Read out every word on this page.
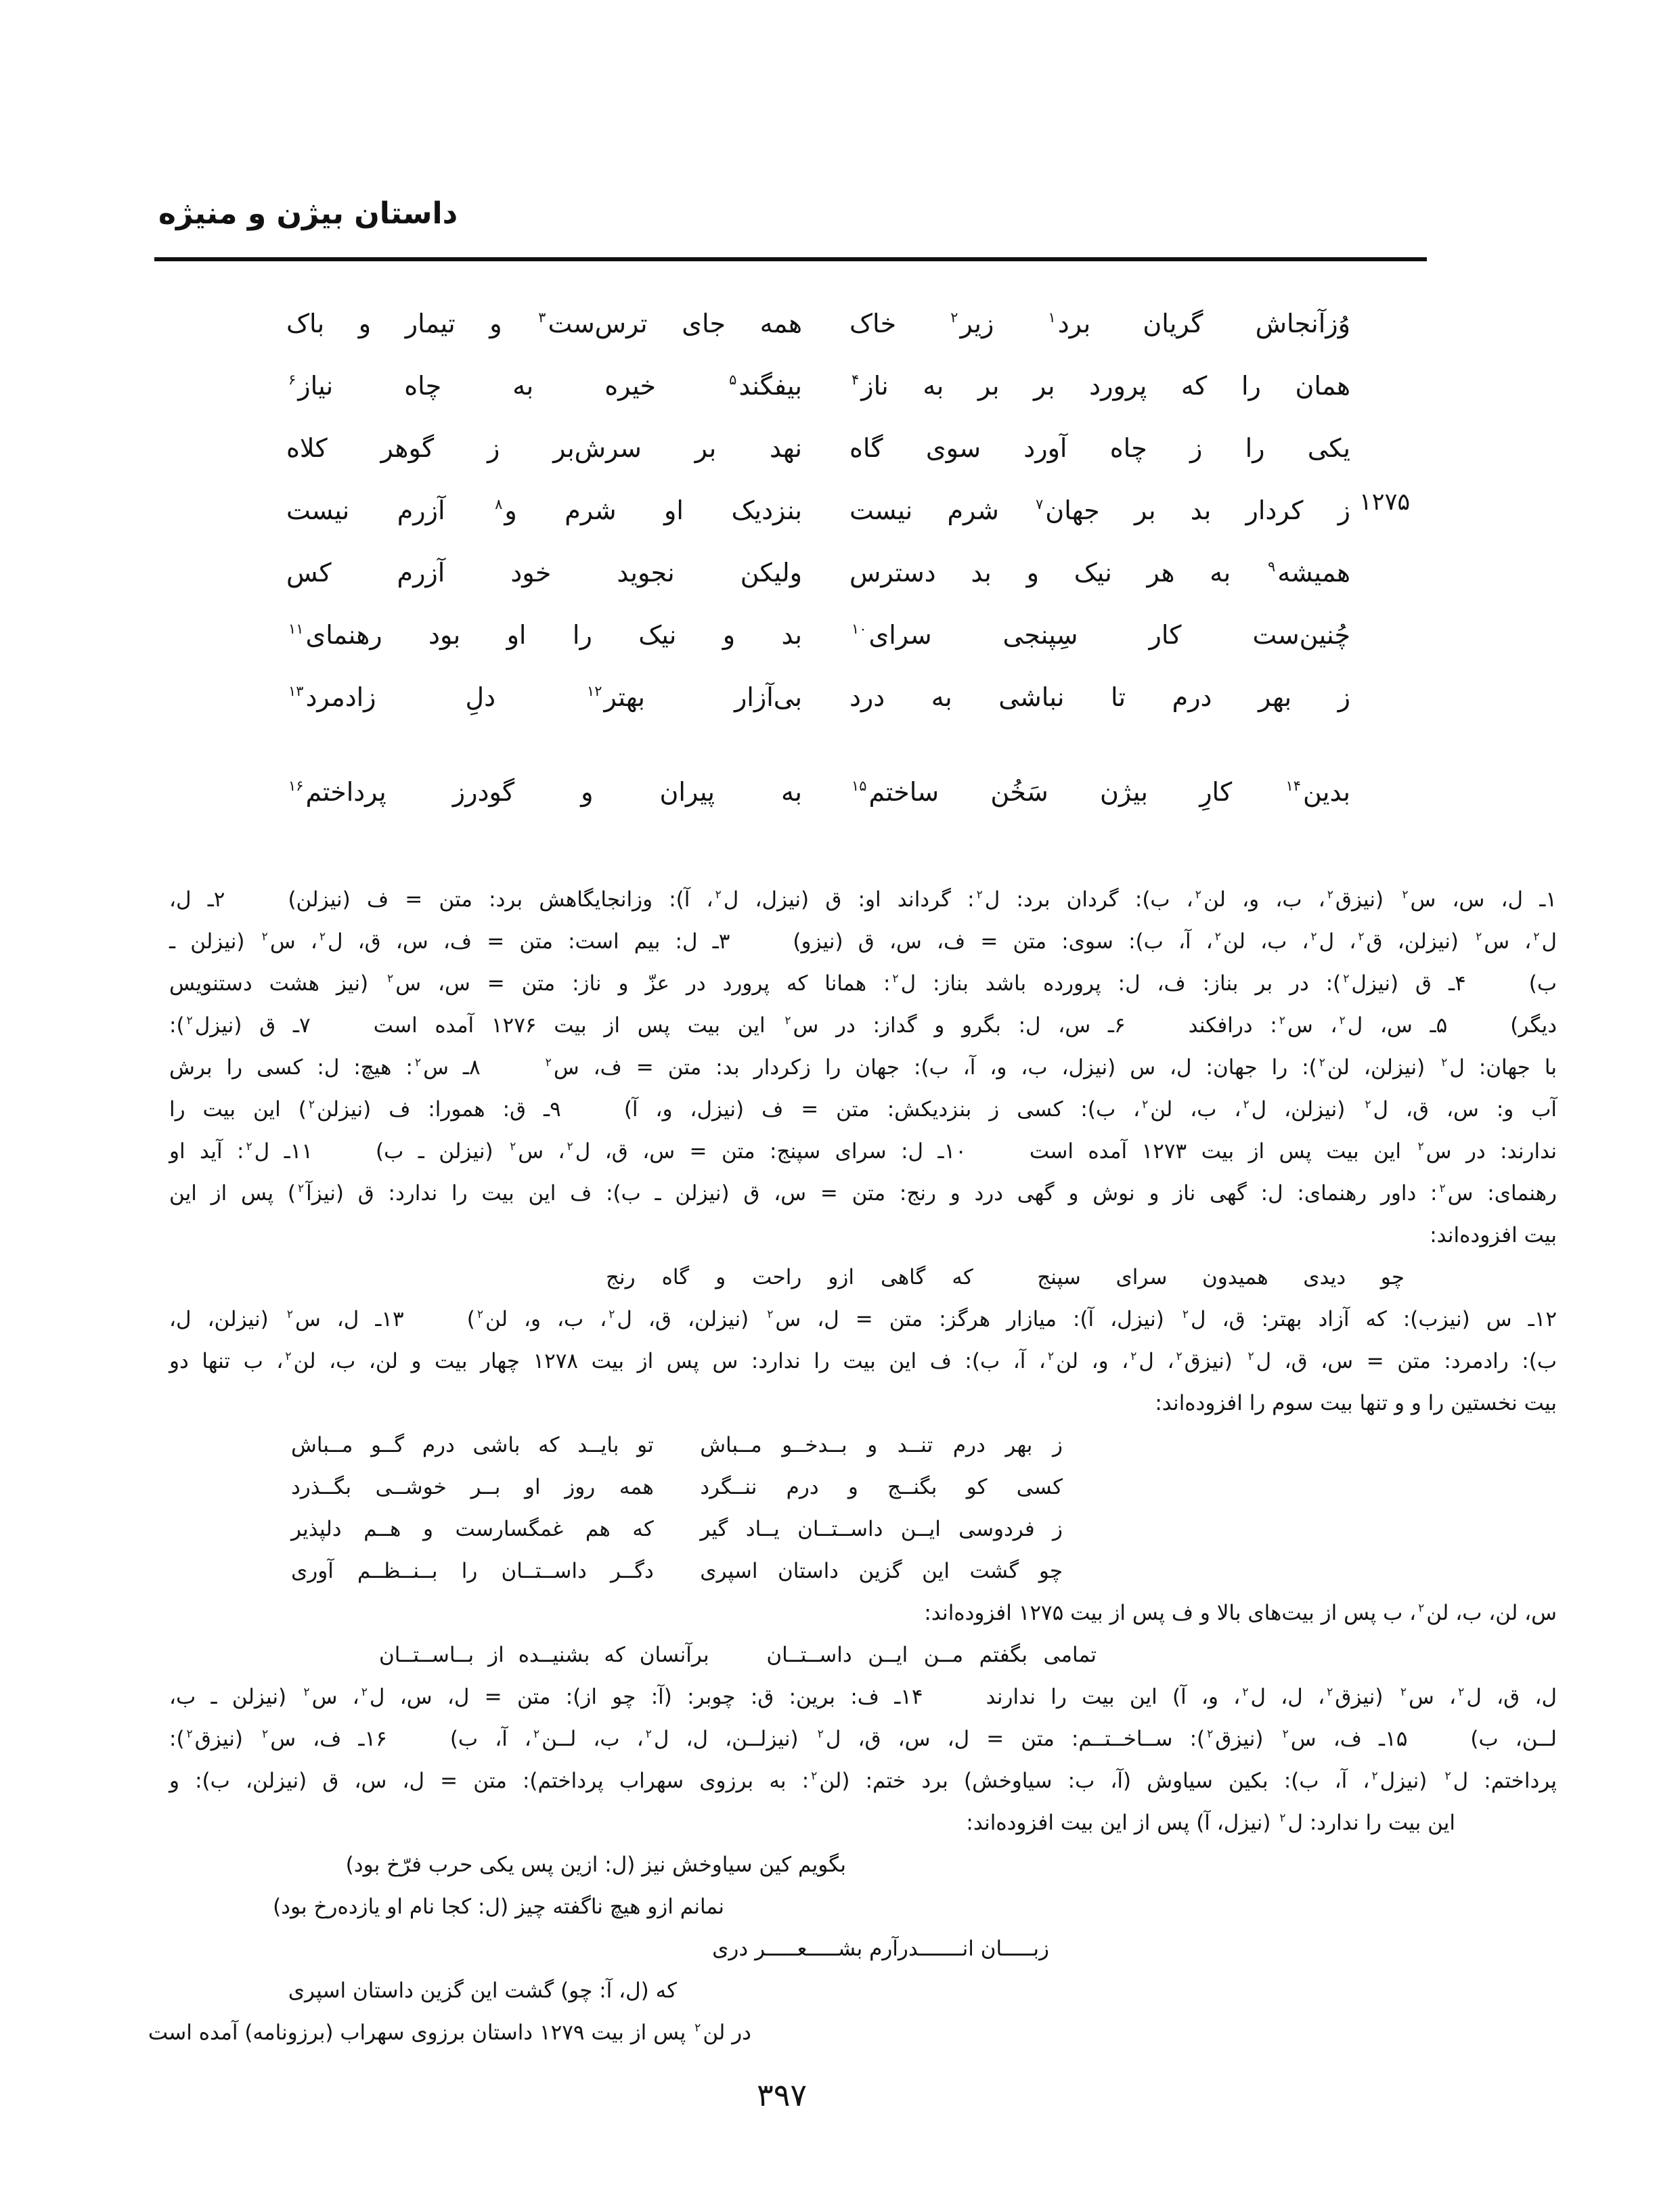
داستان بیژن و منیژه
۱۲۷۵
وُزآنجاش گریان برد$^۱$ زیر$^۲$ خاک
همه جای ترس‌ست$^۳$ و تیمار و باک
همان را که پرورد بر بر به ناز$^۴$
بیفگند$^۵$ خیره به چاه نیاز$^۶$
یکی را ز چاه آورد سوی گاه
نهد بر سرش‌بر ز گوهر کلاه
ز کردار بد بر جهان$^۷$ شرم نیست
بنزدیک او شرم و$^۸$ آزرم نیست
همیشه$^۹$ به هر نیک و بد دسترس
ولیکن نجوید خود آزرم کس
چُنین‌ست کار سِپنجی سرای$^{۱۰}$
بد و نیک را او بود رهنمای$^{۱۱}$
ز بهر درم تا نباشی به درد
بی‌آزار بهتر$^{۱۲}$ دلِ زادمرد$^{۱۳}$
بدین$^{۱۴}$ کارِ بیژن سَخُن ساختم$^{۱۵}$
به پیران و گودرز پرداختم$^{۱۶}$
۱ـ ل، س، س$^۲$ (نیزق$^۲$، ب، و، لن$^۲$، ب): گردان برد: ل$^۲$: گرداند او: ق (نیزل، ل$^۲$، آ): وزانجایگاهش برد: متن = ف (نیزلن)   ۲ـ ل،
ل$^۲$، س$^۲$ (نیزلن، ق$^۲$، ل$^۲$، ب، لن$^۲$، آ، ب): سوی: متن = ف، س، ق (نیزو)   ۳ـ ل: بیم است: متن = ف، س، ق، ل$^۲$، س$^۲$ (نیزلن ـ
ب)   ۴ـ ق (نیزل$^۲$): در بر بناز: ف، ل: پرورده باشد بناز: ل$^۲$: همانا که پرورد در عزّ و ناز: متن = س، س$^۲$ (نیز هشت دستنویس
دیگر)   ۵ـ س، ل$^۲$، س$^۲$: درافکند   ۶ـ س، ل: بگرو و گداز: در س$^۲$ این بیت پس از بیت ۱۲۷۶ آمده است   ۷ـ ق (نیزل$^۲$):
با جهان: ل$^۲$ (نیزلن، لن$^۲$): را جهان: ل، س (نیزل، ب، و، آ، ب): جهان را زکردار بد: متن = ف، س$^۲$   ۸ـ س$^۲$: هیچ: ل: کسی را برش
آب و: س، ق، ل$^۲$ (نیزلن، ل$^۲$، ب، لن$^۲$، ب): کسی ز بنزدیکش: متن = ف (نیزل، و، آ)   ۹ـ ق: همورا: ف (نیزلن$^۲$) این بیت را
ندارند: در س$^۲$ این بیت پس از بیت ۱۲۷۳ آمده است   ۱۰ـ ل: سرای سپنج: متن = س، ق، ل$^۲$، س$^۲$ (نیزلن ـ ب)   ۱۱ـ ل$^۲$: آید او
رهنمای: س$^۲$: داور رهنمای: ل: گهی ناز و نوش و گهی درد و رنج: متن = س، ق (نیزلن ـ ب): ف این بیت را ندارد: ق (نیزآ$^۲$) پس از این
بیت افزوده‌اند:
چو دیدی همیدون سرای سپنج
که گاهی ازو راحت و گاه رنج
۱۲ـ س (نیزب): که آزاد بهتر: ق، ل$^۲$ (نیزل، آ): میازار هرگز: متن = ل، س$^۲$ (نیزلن، ق، ل$^۲$، ب، و، لن$^۲$)   ۱۳ـ ل، س$^۲$ (نیزلن، ل،
ب): رادمرد: متن = س، ق، ل$^۲$ (نیزق$^۲$، ل$^۲$، و، لن$^۲$، آ، ب): ف این بیت را ندارد: س پس از بیت ۱۲۷۸ چهار بیت و لن، ب، لن$^۲$، ب تنها دو
بیت نخستین را و و تنها بیت سوم را افزوده‌اند:
ز بهر درم تنــد و بــدخــو مــباش
تو بایــد که باشی درم گــو مــباش
کسی کو بگنــج و درم ننــگرد
همه روز او بــر خوشــی بگــذرد
ز فردوسی ایــن داســتــان یــاد گیر
که هم غمگسارست و هــم دلپذیر
چو گشت این گزین داستان اسپری
دگــر داســتــان را بــنــظــم آوری
س، لن، ب، لن$^۲$، ب پس از بیت‌های بالا و ف پس از بیت ۱۲۷۵ افزوده‌اند:
تمامی بگفتم مــن ایــن داســتــان
برآنسان که بشنیــده از بــاســتــان
ل، ق، ل$^۲$، س$^۲$ (نیزق$^۲$، ل، ل$^۲$، و، آ) این بیت را ندارند   ۱۴ـ ف: برین: ق: چوبر: (آ: چو از): متن = ل، س، ل$^۲$، س$^۲$ (نیزلن ـ ب،
لــن، ب)   ۱۵ـ ف، س$^۲$ (نیزق$^۲$): ســاخــتــم: متن = ل، س، ق، ل$^۲$ (نیزلــن، ل، ل$^۲$، ب، لــن$^۲$، آ، ب)   ۱۶ـ ف، س$^۲$ (نیزق$^۲$):
پرداختم: ل$^۲$ (نیزل$^۲$، آ، ب): بکین سیاوش (آ، ب: سیاوخش) برد ختم: (لن$^۲$: به برزوی سهراب پرداختم): متن = ل، س، ق (نیزلن، ب): و
این بیت را ندارد: ل$^۲$ (نیزل، آ) پس از این بیت افزوده‌اند:
بگویم کین سیاوخش نیز (ل: ازین پس یکی حرب فرّخ بود)
نمانم ازو هیچ ناگفته چیز (ل: کجا نام او یازده‌رخ بود)
زبـــــان انـــــــدرآرم بشـــــعـــــر دری
که (ل، آ: چو) گشت این گزین داستان اسپری
در لن$^۲$ پس از بیت ۱۲۷۹ داستان برزوی سهراب (برزونامه) آمده است
۳۹۷
